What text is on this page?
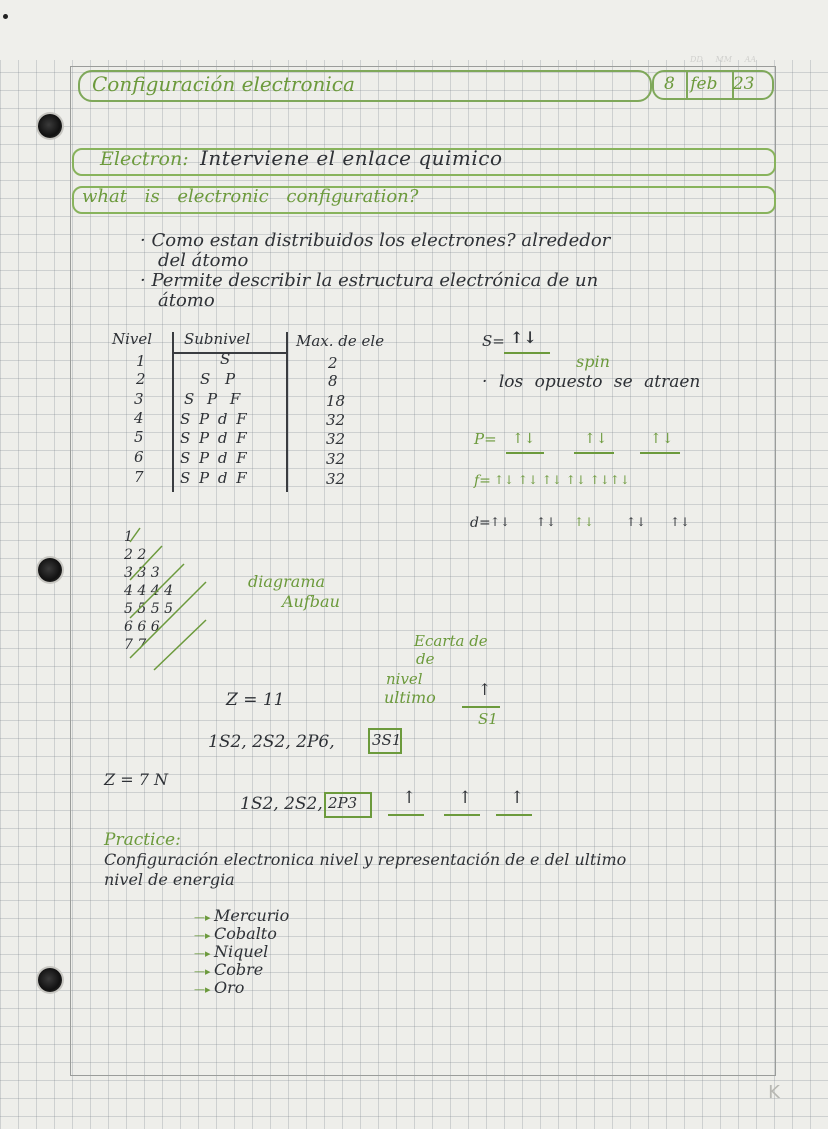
DD MM AA
Configuración electronica	8 feb 23
Electron: Interviene el enlace quimico
what is electronic configuration?
· Como estan distribuidos los electrones? alrededor
del átomo
· Permite describir la estructura electrónica de un
átomo
Nivel Subnivel	Max. de ele
1	S	2
2	S P	8
3	S P F	18
4 S P d F	32
5 S P d F	32
6 S P d F	32
7 S P d F	32
S= ↑↓
spin
· los opuesto se atraen
P= ↑↓	↑↓	↑↓
f= ↑↓ ↑↓ ↑↓ ↑↓ ↑↓↑↓
d= ↑↓ ↑↓ ↑↓	↑↓ ↑↓
1
2 2
3 3 3
4 4 4 4
5 5 5 5
6 6 6
7 7
diagrama
Aufbau
Ecarta de
de
nivel
ultimo
Z = 11
↑
S1
1S2, 2S2, 2P6, 3S1
Z = 7 N
1S2, 2S2, 2P3	↑ ↑ ↑
Practice:
Configuración electronica nivel y representación de e del ultimo
nivel de energia
—▸ Mercurio
—▸ Cobalto
—▸ Niquel
—▸ Cobre
—▸ Oro
K
